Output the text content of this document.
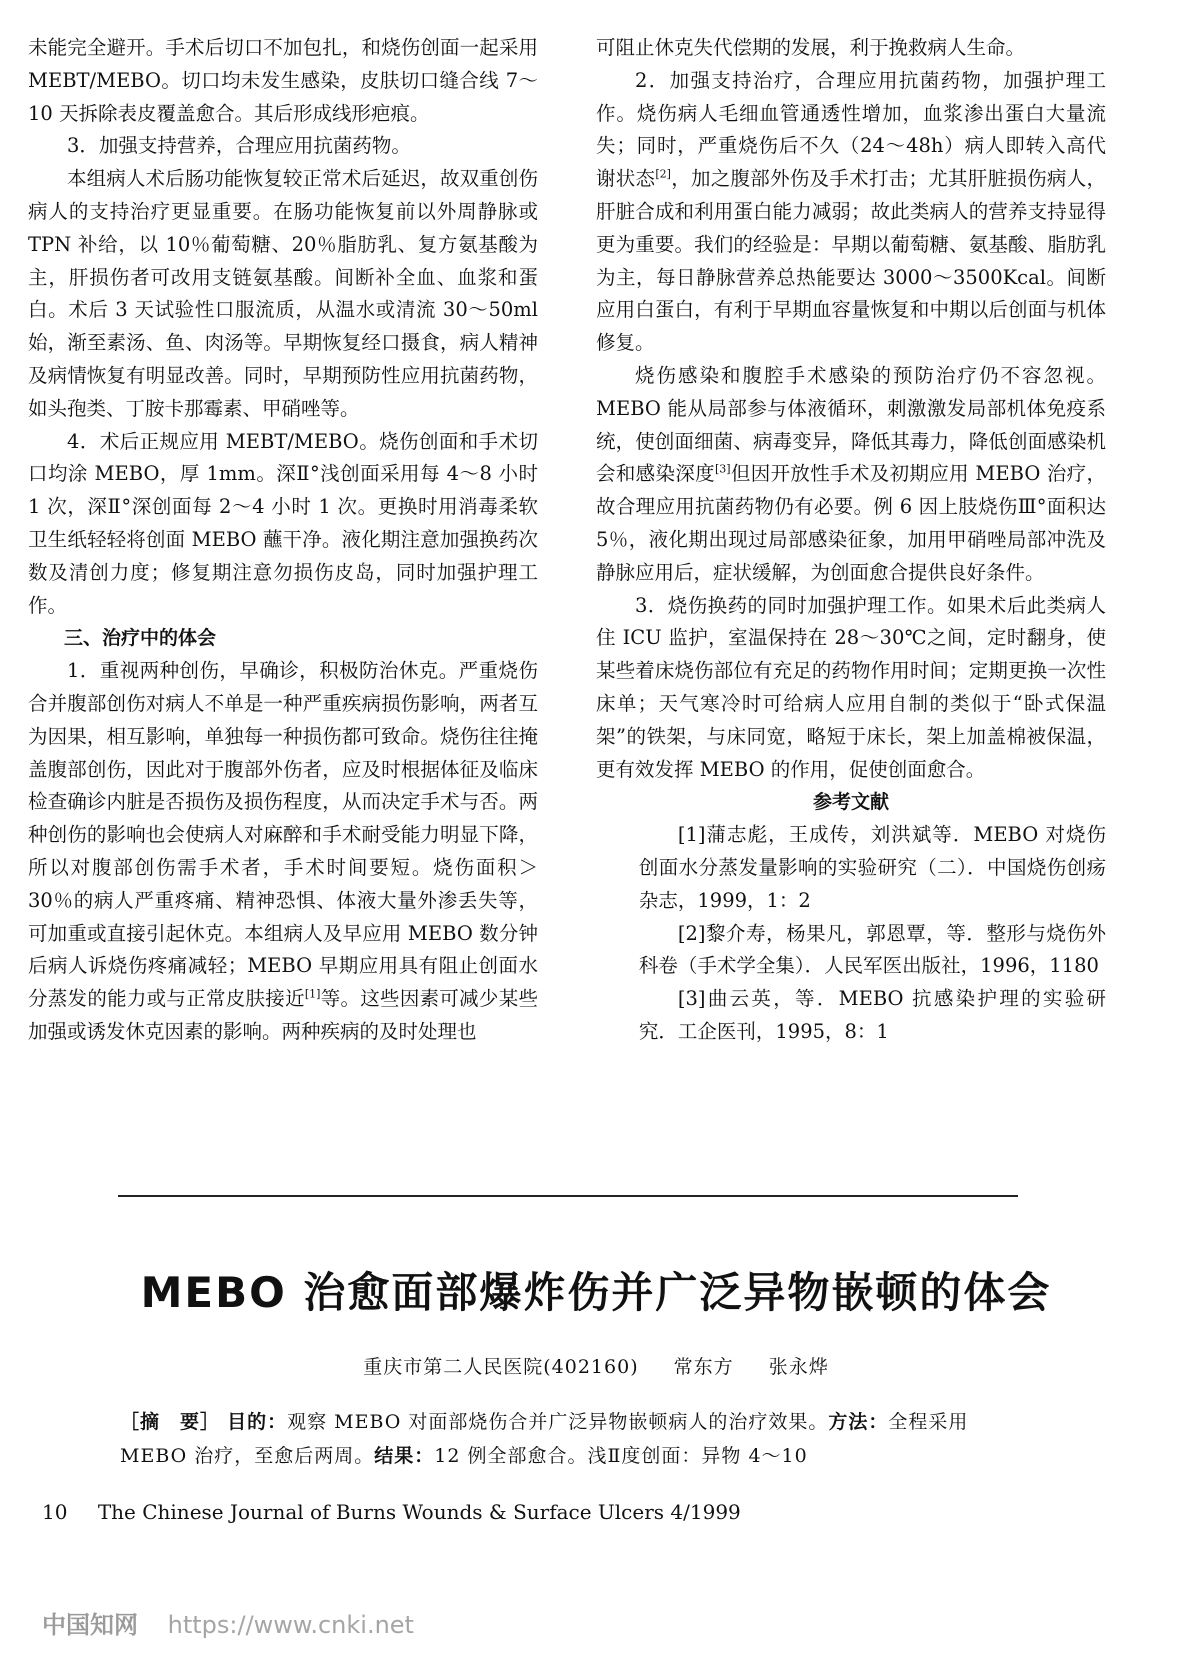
未能完全避开。手术后切口不加包扎，和烧伤创面一起采用 MEBT/MEBO。切口均未发生感染，皮肤切口缝合线 7～10 天拆除表皮覆盖愈合。其后形成线形疤痕。

3．加强支持营养，合理应用抗菌药物。

本组病人术后肠功能恢复较正常术后延迟，故双重创伤病人的支持治疗更显重要。在肠功能恢复前以外周静脉或 TPN 补给，以 10％葡萄糖、20％脂肪乳、复方氨基酸为主，肝损伤者可改用支链氨基酸。间断补全血、血浆和蛋白。术后 3 天试验性口服流质，从温水或清流 30～50ml 始，渐至素汤、鱼、肉汤等。早期恢复经口摄食，病人精神及病情恢复有明显改善。同时，早期预防性应用抗菌药物，如头孢类、丁胺卡那霉素、甲硝唑等。

4．术后正规应用 MEBT/MEBO。烧伤创面和手术切口均涂 MEBO，厚 1mm。深Ⅱ°浅创面采用每 4～8 小时 1 次，深Ⅱ°深创面每 2～4 小时 1 次。更换时用消毒柔软卫生纸轻轻将创面 MEBO 蘸干净。液化期注意加强换药次数及清创力度；修复期注意勿损伤皮岛，同时加强护理工作。

三、治疗中的体会

1．重视两种创伤，早确诊，积极防治休克。严重烧伤合并腹部创伤对病人不单是一种严重疾病损伤影响，两者互为因果，相互影响，单独每一种损伤都可致命。烧伤往往掩盖腹部创伤，因此对于腹部外伤者，应及时根据体征及临床检查确诊内脏是否损伤及损伤程度，从而决定手术与否。两种创伤的影响也会使病人对麻醉和手术耐受能力明显下降，所以对腹部创伤需手术者，手术时间要短。烧伤面积＞30％的病人严重疼痛、精神恐惧、体液大量外渗丢失等，可加重或直接引起休克。本组病人及早应用 MEBO 数分钟后病人诉烧伤疼痛减轻；MEBO 早期应用具有阻止创面水分蒸发的能力或与正常皮肤接近[1]等。这些因素可减少某些加强或诱发休克因素的影响。两种疾病的及时处理也

可阻止休克失代偿期的发展，利于挽救病人生命。

2．加强支持治疗，合理应用抗菌药物，加强护理工作。烧伤病人毛细血管通透性增加，血浆渗出蛋白大量流失；同时，严重烧伤后不久（24～48h）病人即转入高代谢状态[2]，加之腹部外伤及手术打击；尤其肝脏损伤病人，肝脏合成和利用蛋白能力减弱；故此类病人的营养支持显得更为重要。我们的经验是：早期以葡萄糖、氨基酸、脂肪乳为主，每日静脉营养总热能要达 3000～3500Kcal。间断应用白蛋白，有利于早期血容量恢复和中期以后创面与机体修复。

烧伤感染和腹腔手术感染的预防治疗仍不容忽视。MEBO 能从局部参与体液循环，刺激激发局部机体免疫系统，使创面细菌、病毒变异，降低其毒力，降低创面感染机会和感染深度[3]但因开放性手术及初期应用 MEBO 治疗，故合理应用抗菌药物仍有必要。例 6 因上肢烧伤Ⅲ°面积达 5％，液化期出现过局部感染征象，加用甲硝唑局部冲洗及静脉应用后，症状缓解，为创面愈合提供良好条件。

3．烧伤换药的同时加强护理工作。如果术后此类病人住 ICU 监护，室温保持在 28～30℃之间，定时翻身，使某些着床烧伤部位有充足的药物作用时间；定期更换一次性床单；天气寒冷时可给病人应用自制的类似于“卧式保温架”的铁架，与床同宽，略短于床长，架上加盖棉被保温，更有效发挥 MEBO 的作用，促使创面愈合。

参考文献

[1]蒲志彪，王成传，刘洪斌等．MEBO 对烧伤创面水分蒸发量影响的实验研究（二）．中国烧伤创疡杂志，1999，1：2

[2]黎介寿，杨果凡，郭恩覃，等．整形与烧伤外科卷（手术学全集）．人民军医出版社，1996，1180

[3]曲云英，等．MEBO 抗感染护理的实验研究．工企医刊，1995，8：1

MEBO 治愈面部爆炸伤并广泛异物嵌顿的体会
重庆市第二人民医院(402160) 常东方 张永烨
［摘　要］ 目的：观察 MEBO 对面部烧伤合并广泛异物嵌顿病人的治疗效果。方法：全程采用 MEBO 治疗，至愈后两周。结果：12 例全部愈合。浅Ⅱ度创面：异物 4～10
10 The Chinese Journal of Burns Wounds & Surface Ulcers 4/1999
中国知网 https://www.cnki.net
